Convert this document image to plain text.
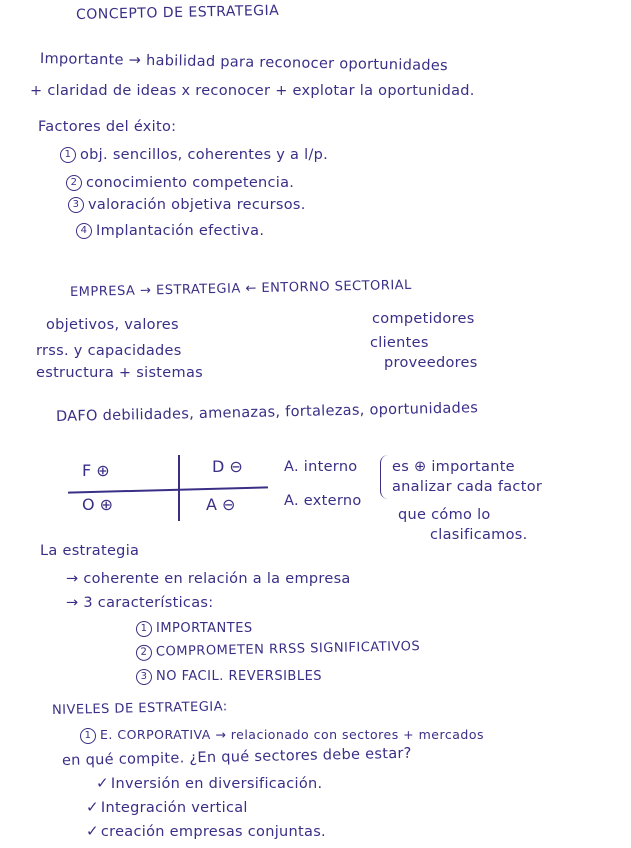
CONCEPTO DE ESTRATEGIA
Importante → habilidad para reconocer oportunidades
+ claridad de ideas x reconocer + explotar la oportunidad.
Factores del éxito:
1 obj. sencillos, coherentes y a l/p.
2 conocimiento competencia.
3 valoración objetiva recursos.
4 Implantación efectiva.
EMPRESA → ESTRATEGIA ← ENTORNO SECTORIAL
objetivos, valores
rrss. y capacidades
estructura + sistemas
competidores
clientes
proveedores
DAFO debilidades, amenazas, fortalezas, oportunidades
F ⊕	D ⊖
O ⊕	A ⊖
A. interno
A. externo
es ⊕ importante
analizar cada factor
que cómo lo
clasificamos.
La estrategia
→ coherente en relación a la empresa
→ 3 características:
1 IMPORTANTES
2 COMPROMETEN RRSS SIGNIFICATIVOS
3 NO FACIL. REVERSIBLES
NIVELES DE ESTRATEGIA:
1 E. CORPORATIVA → relacionado con sectores + mercados
en qué compite. ¿En qué sectores debe estar?
✓ Inversión en diversificación.
✓ Integración vertical
✓ creación empresas conjuntas.
